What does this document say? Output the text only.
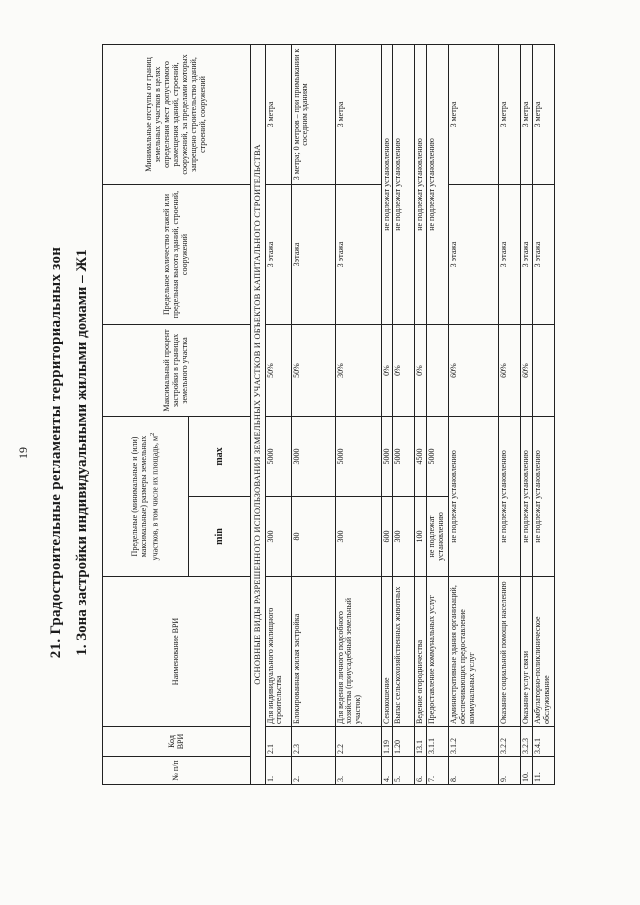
19 21. Градостроительные регламенты территориальных зон 1. Зона застройки индивидуальными жилыми домами – Ж1
№ п/п	Код ВРИ	Наименование ВРИ	Предельные (минимальные и (или) максимальные) размеры земельных участков, в том числе их площадь, $м^2$		Максимальный процент застройки в границах земельного участка	Предельное количество этажей или предельная высота зданий, строений, сооружений	Минимальные отступы от границ земельных участков в целях определения мест допустимого размещения зданий, строений, сооружений, за пределами которых запрещено строительство зданий, строений, сооружений
			min	max			
ОСНОВНЫЕ ВИДЫ РАЗРЕШЕННОГО ИСПОЛЬЗОВАНИЯ ЗЕМЕЛЬНЫХ УЧАСТКОВ И ОБЪЕКТОВ КАПИТАЛЬНОГО СТРОИТЕЛЬСТВА							
1.	2.1	Для индивидуального жилищного строительства	300	5000	50%	3 этажа	3 метра
2.	2.3	Блокированная жилая застройка	80	3000	50%	3этажа	3 метра; 0 метров – при примыкании к соседним зданиям
3.	2.2	Для ведения личного подсобного хозяйства (приусадебный земельный участок)	300	5000	30%	3 этажа	3 метра
4.	1.19	Сенокошение	600	5000	0%	не подлежат установлению	
5.	1.20	Выпас сельскохозяйственных животных	300	5000	0%	не подлежат установлению	
6.	13.1	Ведение огородничества	100	4500	0%	не подлежат установлению	
7.	3.1.1	Предоставление коммунальных услуг	не подлежат установлению	5000		не подлежат установлению	
8.	3.1.2	Административные здания организаций, обеспечивающих предоставление коммунальных услуг	не подлежат установлению		60%	3 этажа	3 метра
9.	3.2.2	Оказание социальной помощи населению	не подлежат установлению		60%	3 этажа	3 метра
10.	3.2.3	Оказание услуг связи	не подлежат установлению		60%	3 этажа	3 метра
11.	3.4.1	Амбулаторно-поликлиническое обслуживание	не подлежат установлению			3 этажа	3 метра
